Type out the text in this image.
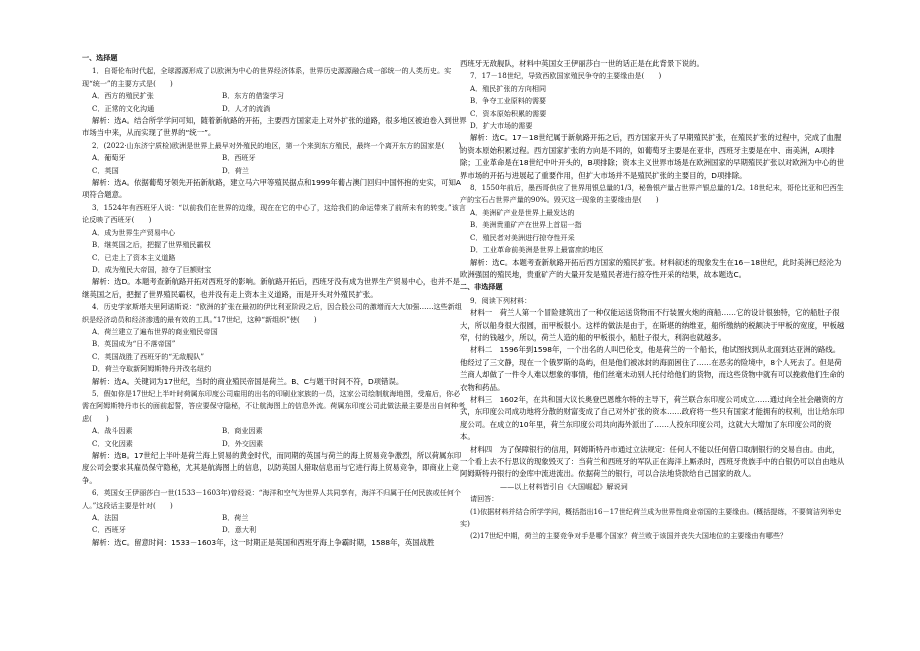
一、选择题

1．自哥伦布时代起，全球源源形成了以欧洲为中心的世界经济体系，世界历史源源融合成一部统一的人类历史。实现“统一”的主要方式是(　　)

A．西方的殖民扩张	B．东方的借鉴学习
C．正常的文化沟通	D．人才的流淌

解析：选A。结合所学学问可知，随着新航路的开拓，主要西方国家走上对外扩张的道路，很多地区被迫卷入到世界市场当中来，从而实现了世界的“统一”。

2．(2022·山东济宁质检)欧洲是世界上最早对外殖民的地区，第一个来到东方殖民，最终一个离开东方的国家是(　　)

A．葡萄牙	B．西班牙
C．英国	D．荷兰

解析：选A。依据葡萄牙领先开拓新航路，建立马六甲等殖民据点和1999年葡占澳门回归中国怀抱的史实，可知A项符合题意。

3．1524年有西班牙人说：“以前我们在世界的边缘，现在在它的中心了，这给我们的命运带来了前所未有的转变。”该言论反映了西班牙(　　)

A．成为世界生产贸易中心
B．继英国之后，把握了世界殖民霸权
C．已走上了资本主义道路
D．成为殖民大帝国，掠夺了巨额财宝

解析：选D。本题考查新航路开拓对西班牙的影响。新航路开拓后，西班牙没有成为世界生产贸易中心，也并不是继英国之后，把握了世界殖民霸权，也并没有走上资本主义道路，而是开头对外殖民扩张。

4．历史学家斯塔夫里阿诺斯说：“欧洲的扩张在最初的伊比利亚阶段之后，因合股公司的激增而大大加强……这些新组织是经济动员和经济渗透的最有效的工具。”17世纪，这种“新组织”使(　　)

A．荷兰建立了遍布世界的商业殖民帝国
B．英国成为“日不落帝国”
C．英国战胜了西班牙的“无敌舰队”
D．荷兰夺取新阿姆斯特丹并改名纽约

解析：选A。关键词为17世纪，当时的商业殖民帝国是荷兰。B、C与题干时间不符，D项错误。

5．假如你是17世纪上半叶时荷属东印度公司雇用的出名的印刷业家族的一员，这家公司绘制航海地图，受雇后，你必需在阿姆斯特丹市长的面前起誓，答应要保守隐秘，不让航海图上的信息外流。荷属东印度公司此做法最主要是出自何种考虑(　　)

A．战斗因素	B．商业因素
C．文化因素	D．外交因素

解析：选B。17世纪上半叶是荷兰海上贸易的黄金时代，而同期的英国与荷兰的海上贸易竞争激烈，所以荷属东印度公司会要求其雇员保守隐秘，尤其是航海图上的信息，以防英国人猎取信息而与它进行海上贸易竞争，即商业上竞争。

6．英国女王伊丽莎白一世(1533－1603年)曾经说：“海洋和空气为世界人共同享有，海洋不归属于任何民族或任何个人。”这段话主要是针对(　　)

A．法国	B．荷兰
C．西班牙	D．意大利

解析：选C。留意时间：1533－1603年，这一时期正是英国和西班牙海上争霸时期，1588年，英国战胜

西班牙无敌舰队，材料中英国女王伊丽莎白一世的话正是在此背景下说的。

7．17－18世纪，导致西欧国家殖民争夺的主要缘由是(　　)

A．殖民扩张的方向相同
B．争夺工业原料的需要
C．资本原始积累的需要
D．扩大市场的需要

解析：选C。17－18世纪属于新航路开拓之后，西方国家开头了早期殖民扩张，在殖民扩张的过程中，完成了血腥的资本原始积累过程。西方国家扩张的方向是不同的，如葡萄牙主要是在亚非，西班牙主要是在中、南美洲，A项排除；工业革命是在18世纪中叶开头的，B项排除；资本主义世界市场是在欧洲国家的早期殖民扩张以对欧洲为中心的世界市场的开拓与进展起了重要作用，但扩大市场并不是殖民扩张的主要目的，D项排除。

8．1550年前后，墨西哥供应了世界用银总量的1/3，秘鲁银产量占世界产银总量的1/2。18世纪末，哥伦比亚和巴西生产的宝石占世界产量的90%。毁灭这一现象的主要缘由是(　　)

A．美洲矿产业是世界上最发达的
B．美洲贵重矿产在世界上首屈一指
C．殖民者对美洲进行掠夺性开采
D．工业革命前美洲是世界上最富庶的地区

解析：选C。本题考查新航路开拓后西方国家的殖民扩张。材料叙述的现象发生在16－18世纪，此时美洲已经沦为欧洲强国的殖民地，贵重矿产的大量开发是殖民者进行掠夺性开采的结果，故本题选C。

二、非选择题

9．阅读下列材料：

材料一　荷兰人第一个冒险建筑出了一种仅能运送货物而不行装置火炮的商船……它的设计很独特，它的船肚子很大，所以船身很大很圆，而甲板很小。这样的做法是由于，在斯堪的纳维亚，船所缴纳的税额决于甲板的宽度，甲板越窄，付的钱越少，所以，荷兰人造的船的甲板很小，船肚子很大，利润也就越多。

材料二　1596年到1598年，一个出名的人叫巴伦支，他是荷兰的一个船长，他试图找到从北面到达亚洲的路线。他经过了三文静，现在一个俄罗斯的岛屿，但是他们被冰封的海面困住了……在恶劣的险境中，8个人死去了。但是荷兰商人却做了一件令人难以想象的事情，他们丝毫未动别人托付给他们的货物，而这些货物中就有可以挽救他们生命的衣物和药品。

材料三　1602年，在共和国大议长奥登巴恩维尔特的主导下，荷兰联合东印度公司成立……通过向全社会融资的方式，东印度公司成功地将分散的财富变成了自己对外扩张的资本……政府将一些只有国家才能拥有的权利，出让给东印度公司。在成立的10年里，荷兰东印度公司共向海外派出了……人投东印度公司，这就大大增加了东印度公司的资本。

材料四　为了保障银行的信用，阿姆斯特丹市通过立法规定：任何人不能以任何借口取制银行的交易自由。由此，一个看上去不行思议的现象毁灭了：当荷兰和西班牙的军队正在海洋上厮杀时，西班牙贵族手中的白银仍可以自由地从阿姆斯特丹银行的金库中流进流出。依据荷兰的银行，可以合法地贷款给自己国家的敌人。

——以上材料皆引自《大国崛起》解说词

请回答：

(1)依据材料并结合所学学问，概括指出16－17世纪荷兰成为世界性商业帝国的主要缘由。(概括提练，不要简洁列举史实)

(2)17世纪中期，荷兰的主要竞争对手是哪个国家？荷兰败于该国并丧失大国地位的主要缘由有哪些？
